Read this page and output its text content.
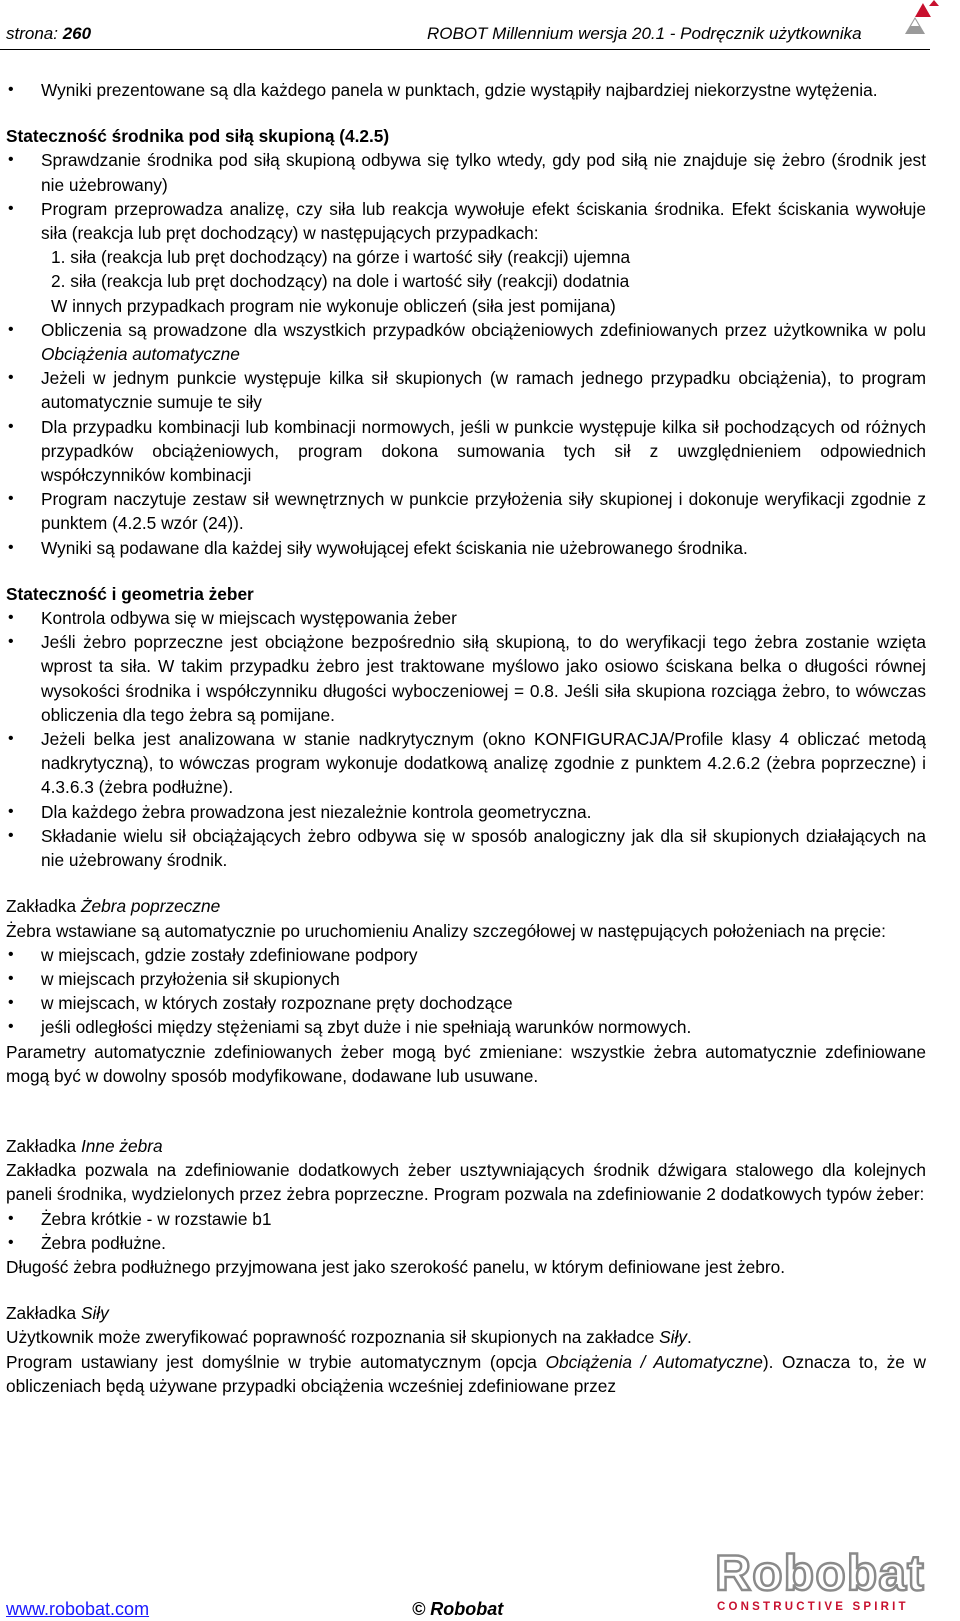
strona: 260	ROBOT Millennium wersja 20.1 - Podręcznik użytkownika
• Wyniki prezentowane są dla każdego panela w punktach, gdzie wystąpiły najbardziej niekorzystne wytężenia.
Stateczność środnika pod siłą skupioną (4.2.5)
• Sprawdzanie środnika pod siłą skupioną odbywa się tylko wtedy, gdy pod siłą nie znajduje się żebro (środnik jest nie użebrowany)
• Program przeprowadza analizę, czy siła lub reakcja wywołuje efekt ściskania środnika. Efekt ściskania wywołuje siła (reakcja lub pręt dochodzący) w następujących przypadkach:
1. siła (reakcja lub pręt dochodzący) na górze i wartość siły (reakcji) ujemna
2. siła (reakcja lub pręt dochodzący) na dole i wartość siły (reakcji) dodatnia
W innych przypadkach program nie wykonuje obliczeń (siła jest pomijana)
• Obliczenia są prowadzone dla wszystkich przypadków obciążeniowych zdefiniowanych przez użytkownika w polu Obciążenia automatyczne
• Jeżeli w jednym punkcie występuje kilka sił skupionych (w ramach jednego przypadku obciążenia), to program automatycznie sumuje te siły
• Dla przypadku kombinacji lub kombinacji normowych, jeśli w punkcie występuje kilka sił pochodzących od różnych przypadków obciążeniowych, program dokona sumowania tych sił z uwzględnieniem odpowiednich współczynników kombinacji
• Program naczytuje zestaw sił wewnętrznych w punkcie przyłożenia siły skupionej i dokonuje weryfikacji zgodnie z punktem (4.2.5 wzór (24)).
• Wyniki są podawane dla każdej siły wywołującej efekt ściskania nie użebrowanego środnika.
Stateczność i geometria żeber
• Kontrola odbywa się w miejscach występowania żeber
• Jeśli żebro poprzeczne jest obciążone bezpośrednio siłą skupioną, to do weryfikacji tego żebra zostanie wzięta wprost ta siła. W takim przypadku żebro jest traktowane myślowo jako osiowo ściskana belka o długości równej wysokości środnika i współczynniku długości wyboczeniowej = 0.8. Jeśli siła skupiona rozciąga żebro, to wówczas obliczenia dla tego żebra są pomijane.
• Jeżeli belka jest analizowana w stanie nadkrytycznym (okno KONFIGURACJA/Profile klasy 4 obliczać metodą nadkrytyczną), to wówczas program wykonuje dodatkową analizę zgodnie z punktem 4.2.6.2 (żebra poprzeczne) i 4.3.6.3 (żebra podłużne).
• Dla każdego żebra prowadzona jest niezależnie kontrola geometryczna.
• Składanie wielu sił obciążających żebro odbywa się w sposób analogiczny jak dla sił skupionych działających na nie użebrowany środnik.

Zakładka Żebra poprzeczne

Żebra wstawiane są automatycznie po uruchomieniu Analizy szczegółowej w następujących położeniach na pręcie:

• w miejscach, gdzie zostały zdefiniowane podpory
• w miejscach przyłożenia sił skupionych
• w miejscach, w których zostały rozpoznane pręty dochodzące
• jeśli odległości między stężeniami są zbyt duże i nie spełniają warunków normowych.

Parametry automatycznie zdefiniowanych żeber mogą być zmieniane: wszystkie żebra automatycznie zdefiniowane mogą być w dowolny sposób modyfikowane, dodawane lub usuwane.

Zakładka Inne żebra

Zakładka pozwala na zdefiniowanie dodatkowych żeber usztywniających środnik dźwigara stalowego dla kolejnych paneli środnika, wydzielonych przez żebra poprzeczne. Program pozwala na zdefiniowanie 2 dodatkowych typów żeber:

• Żebra krótkie - w rozstawie b1
• Żebra podłużne.

Długość żebra podłużnego przyjmowana jest jako szerokość panelu, w którym definiowane jest żebro.

Zakładka Siły

Użytkownik może zweryfikować poprawność rozpoznania sił skupionych na zakładce Siły.

Program ustawiany jest domyślnie w trybie automatycznym (opcja Obciążenia / Automatyczne). Oznacza to, że w obliczeniach będą używane przypadki obciążenia wcześniej zdefiniowane przez

www.robobat.com	© Robobat
Robobat
CONSTRUCTIVE SPIRIT
